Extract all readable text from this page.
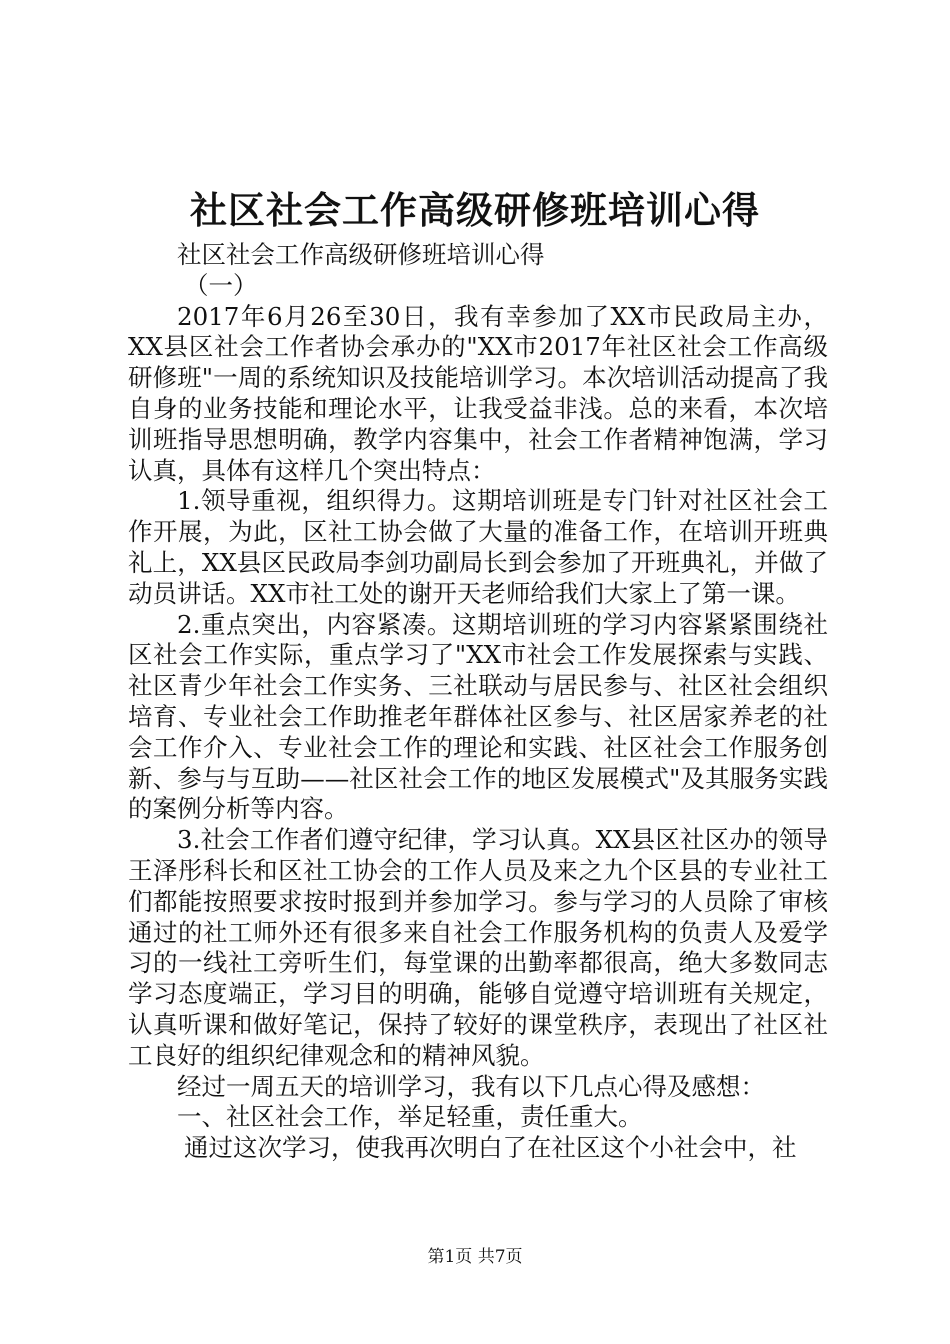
社区社会工作高级研修班培训心得

社区社会工作高级研修班培训心得

（一）

2017年6月26至30日，我有幸参加了XX市民政局主办，XX县区社会工作者协会承办的"XX市2017年社区社会工作高级研修班"一周的系统知识及技能培训学习。本次培训活动提高了我自身的业务技能和理论水平，让我受益非浅。总的来看，本次培训班指导思想明确，教学内容集中，社会工作者精神饱满，学习认真，具体有这样几个突出特点：

1.领导重视，组织得力。这期培训班是专门针对社区社会工作开展，为此，区社工协会做了大量的准备工作，在培训开班典礼上，XX县区民政局李剑功副局长到会参加了开班典礼，并做了动员讲话。XX市社工处的谢开天老师给我们大家上了第一课。

2.重点突出，内容紧凑。这期培训班的学习内容紧紧围绕社区社会工作实际，重点学习了"XX市社会工作发展探索与实践、社区青少年社会工作实务、三社联动与居民参与、社区社会组织培育、专业社会工作助推老年群体社区参与、社区居家养老的社会工作介入、专业社会工作的理论和实践、社区社会工作服务创新、参与与互助——社区社会工作的地区发展模式"及其服务实践的案例分析等内容。

3.社会工作者们遵守纪律，学习认真。XX县区社区办的领导王泽彤科长和区社工协会的工作人员及来之九个区县的专业社工们都能按照要求按时报到并参加学习。参与学习的人员除了审核通过的社工师外还有很多来自社会工作服务机构的负责人及爱学习的一线社工旁听生们，每堂课的出勤率都很高，绝大多数同志学习态度端正，学习目的明确，能够自觉遵守培训班有关规定，认真听课和做好笔记，保持了较好的课堂秩序，表现出了社区社工良好的组织纪律观念和的精神风貌。

经过一周五天的培训学习，我有以下几点心得及感想：

一、社区社会工作，举足轻重，责任重大。

通过这次学习，使我再次明白了在社区这个小社会中，社

第1页 共7页
